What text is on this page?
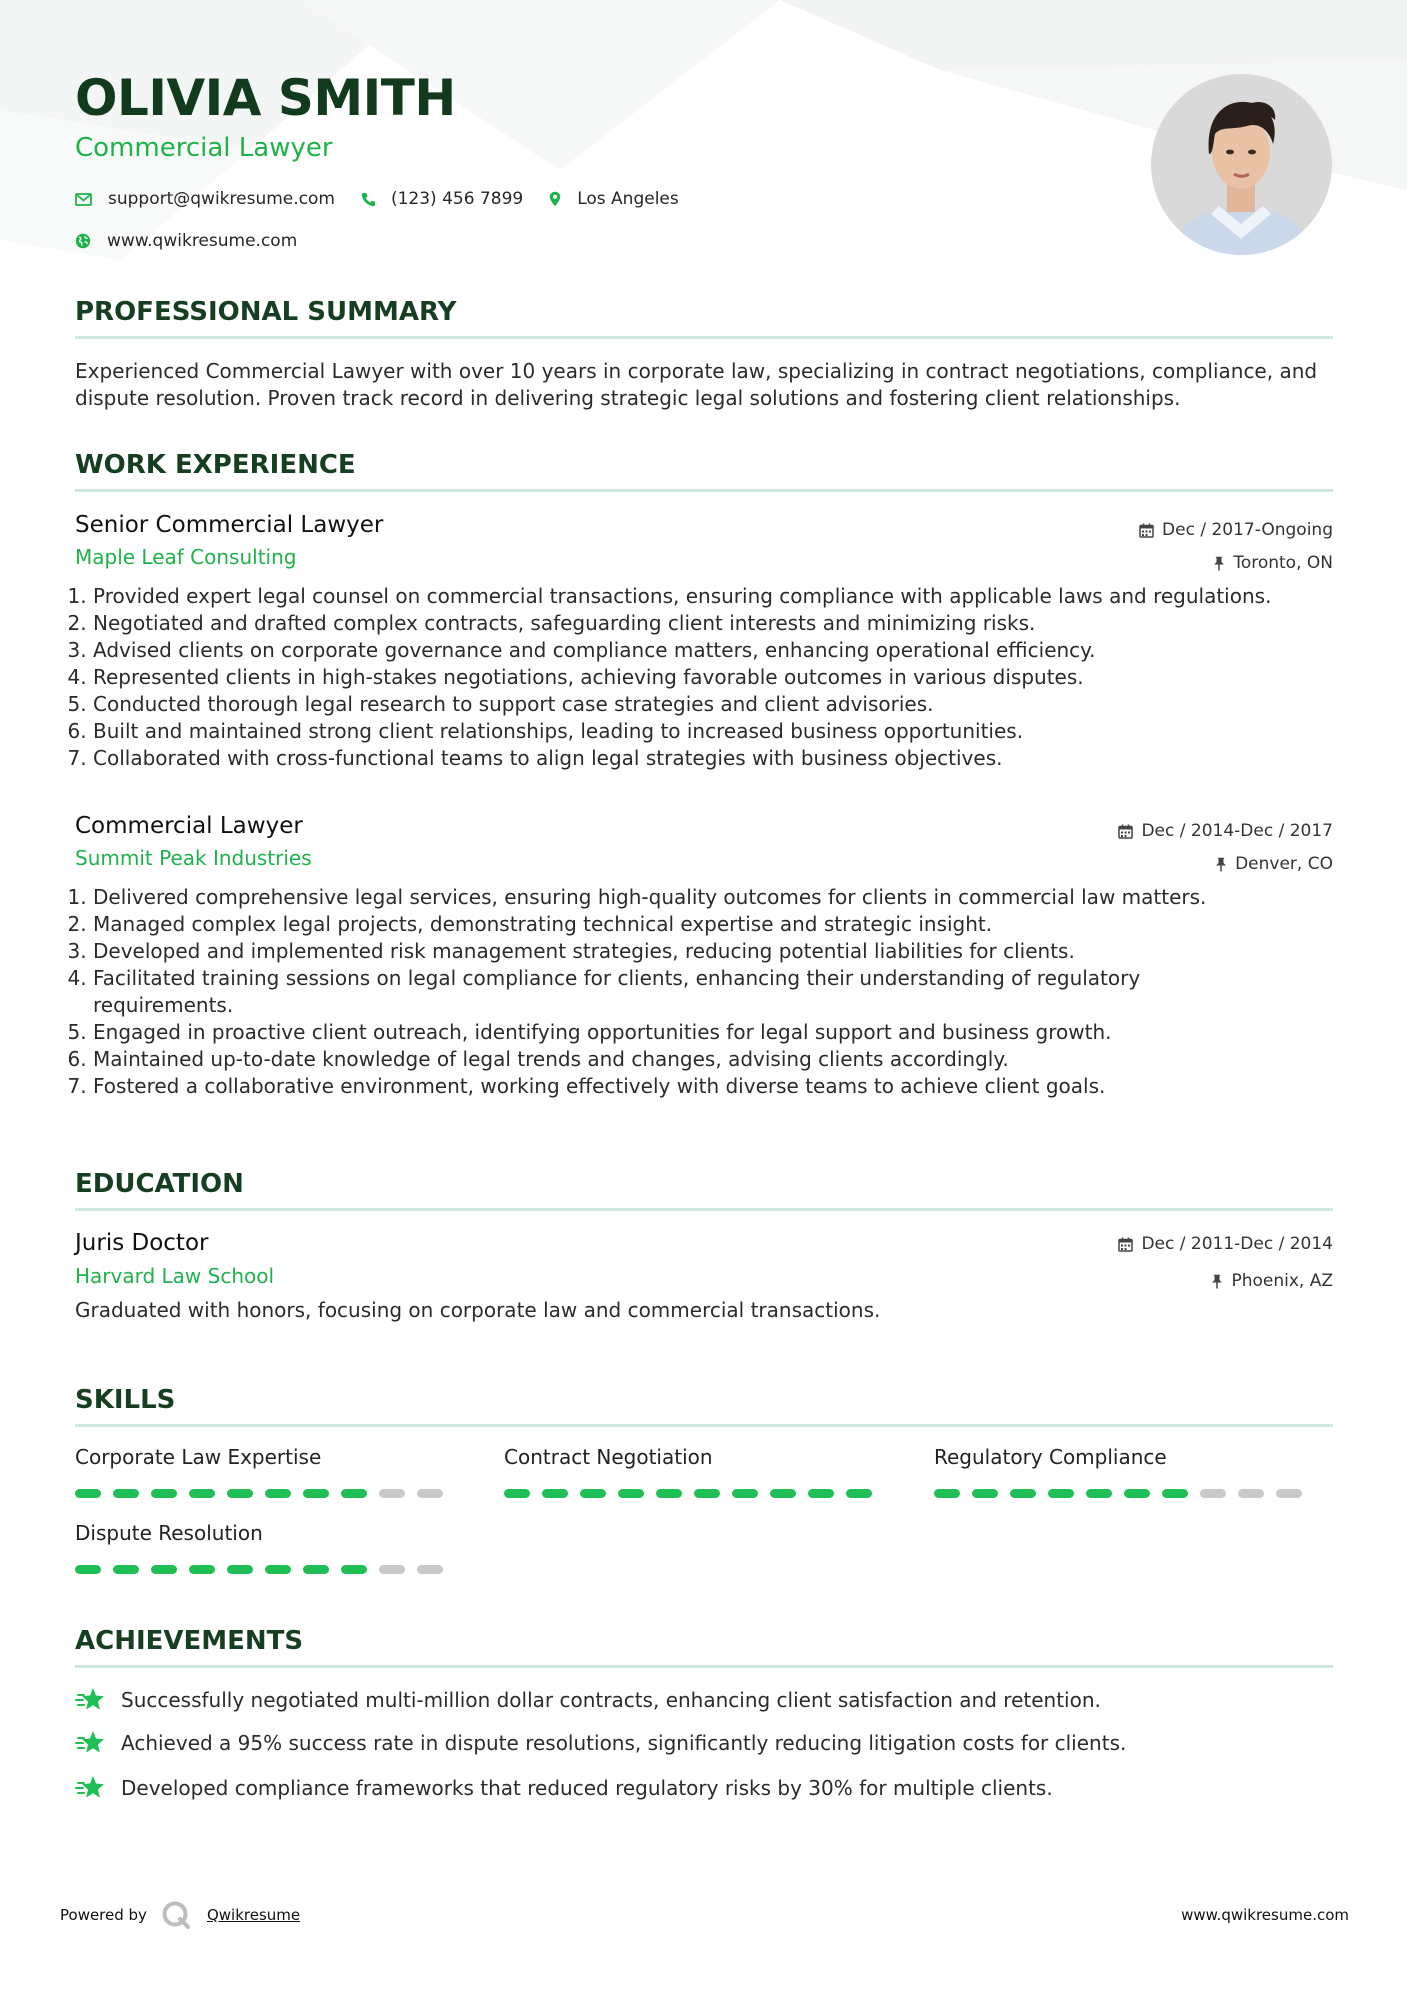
OLIVIA SMITH
Commercial Lawyer
support@qwikresume.com	(123) 456 7899	Los Angeles
www.qwikresume.com
PROFESSIONAL SUMMARY
Experienced Commercial Lawyer with over 10 years in corporate law, specializing in contract negotiations, compliance, and dispute resolution. Proven track record in delivering strategic legal solutions and fostering client relationships.
WORK EXPERIENCE
Senior Commercial Lawyer
Maple Leaf Consulting
Dec / 2017-Ongoing
Toronto, ON
1. Provided expert legal counsel on commercial transactions, ensuring compliance with applicable laws and regulations.
2. Negotiated and drafted complex contracts, safeguarding client interests and minimizing risks.
3. Advised clients on corporate governance and compliance matters, enhancing operational efficiency.
4. Represented clients in high-stakes negotiations, achieving favorable outcomes in various disputes.
5. Conducted thorough legal research to support case strategies and client advisories.
6. Built and maintained strong client relationships, leading to increased business opportunities.
7. Collaborated with cross-functional teams to align legal strategies with business objectives.
Commercial Lawyer
Summit Peak Industries
Dec / 2014-Dec / 2017
Denver, CO
1. Delivered comprehensive legal services, ensuring high-quality outcomes for clients in commercial law matters.
2. Managed complex legal projects, demonstrating technical expertise and strategic insight.
3. Developed and implemented risk management strategies, reducing potential liabilities for clients.
4. Facilitated training sessions on legal compliance for clients, enhancing their understanding of regulatory requirements.
5. Engaged in proactive client outreach, identifying opportunities for legal support and business growth.
6. Maintained up-to-date knowledge of legal trends and changes, advising clients accordingly.
7. Fostered a collaborative environment, working effectively with diverse teams to achieve client goals.
EDUCATION
Juris Doctor
Harvard Law School
Dec / 2011-Dec / 2014
Phoenix, AZ
Graduated with honors, focusing on corporate law and commercial transactions.
SKILLS
Corporate Law Expertise	Contract Negotiation	Regulatory Compliance
Dispute Resolution
ACHIEVEMENTS
Successfully negotiated multi-million dollar contracts, enhancing client satisfaction and retention.
Achieved a 95% success rate in dispute resolutions, significantly reducing litigation costs for clients.
Developed compliance frameworks that reduced regulatory risks by 30% for multiple clients.
Powered by	Qwikresume	www.qwikresume.com
